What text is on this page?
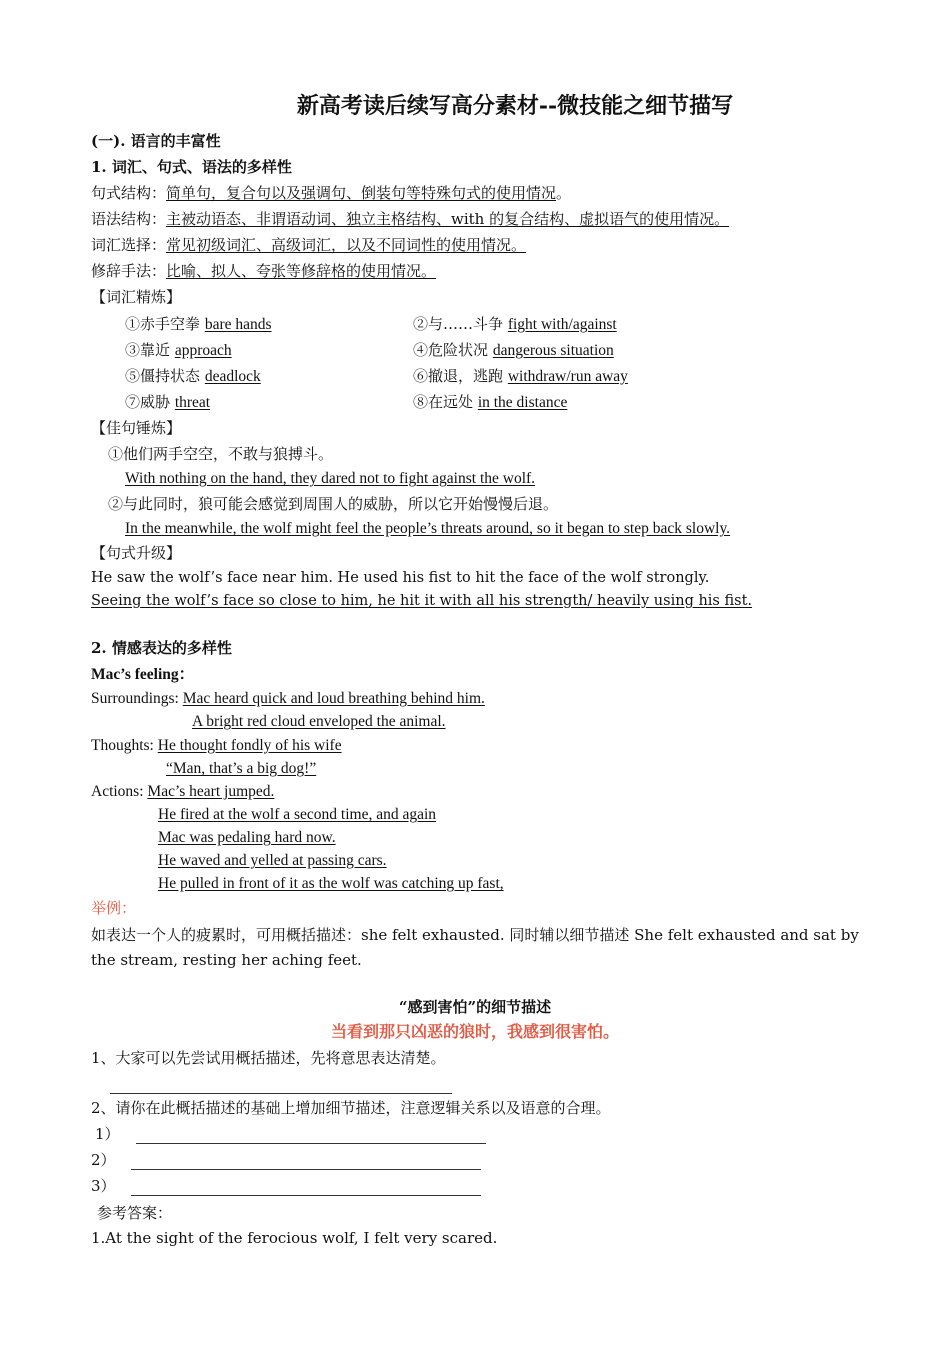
新高考读后续写高分素材--微技能之细节描写
(一). 语言的丰富性
1. 词汇、句式、语法的多样性
句式结构：简单句，复合句以及强调句、倒装句等特殊句式的使用情况。
语法结构：主被动语态、非谓语动词、独立主格结构、with 的复合结构、虚拟语气的使用情况。
词汇选择：常见初级词汇、高级词汇，以及不同词性的使用情况。
修辞手法：比喻、拟人、夸张等修辞格的使用情况。
【词汇精炼】
①赤手空拳 bare hands	②与……斗争 fight with/against
③靠近 approach	④危险状况 dangerous situation
⑤僵持状态 deadlock	⑥撤退，逃跑 withdraw/run away
⑦威胁 threat	⑧在远处 in the distance
【佳句锤炼】
①他们两手空空，不敢与狼搏斗。
With nothing on the hand, they dared not to fight against the wolf.
②与此同时，狼可能会感觉到周围人的威胁，所以它开始慢慢后退。
In the meanwhile, the wolf might feel the people’s threats around, so it began to step back slowly.
【句式升级】
He saw the wolf’s face near him. He used his fist to hit the face of the wolf strongly.
Seeing the wolf’s face so close to him, he hit it with all his strength/ heavily using his fist.
2. 情感表达的多样性
Mac’s feeling：
Surroundings: Mac heard quick and loud breathing behind him.
A bright red cloud enveloped the animal.
Thoughts: He thought fondly of his wife
“Man, that’s a big dog!”
Actions: Mac’s heart jumped.
He fired at the wolf a second time, and again
Mac was pedaling hard now.
He waved and yelled at passing cars.
He pulled in front of it as the wolf was catching up fast,
举例：
如表达一个人的疲累时，可用概括描述：she felt exhausted. 同时辅以细节描述 She felt exhausted and sat by
the stream, resting her aching feet.
“感到害怕”的细节描述
当看到那只凶恶的狼时，我感到很害怕。
1、大家可以先尝试用概括描述，先将意思表达清楚。
2、请你在此概括描述的基础上增加细节描述，注意逻辑关系以及语意的合理。
1）
2）
3）
参考答案：
1.At the sight of the ferocious wolf, I felt very scared.
